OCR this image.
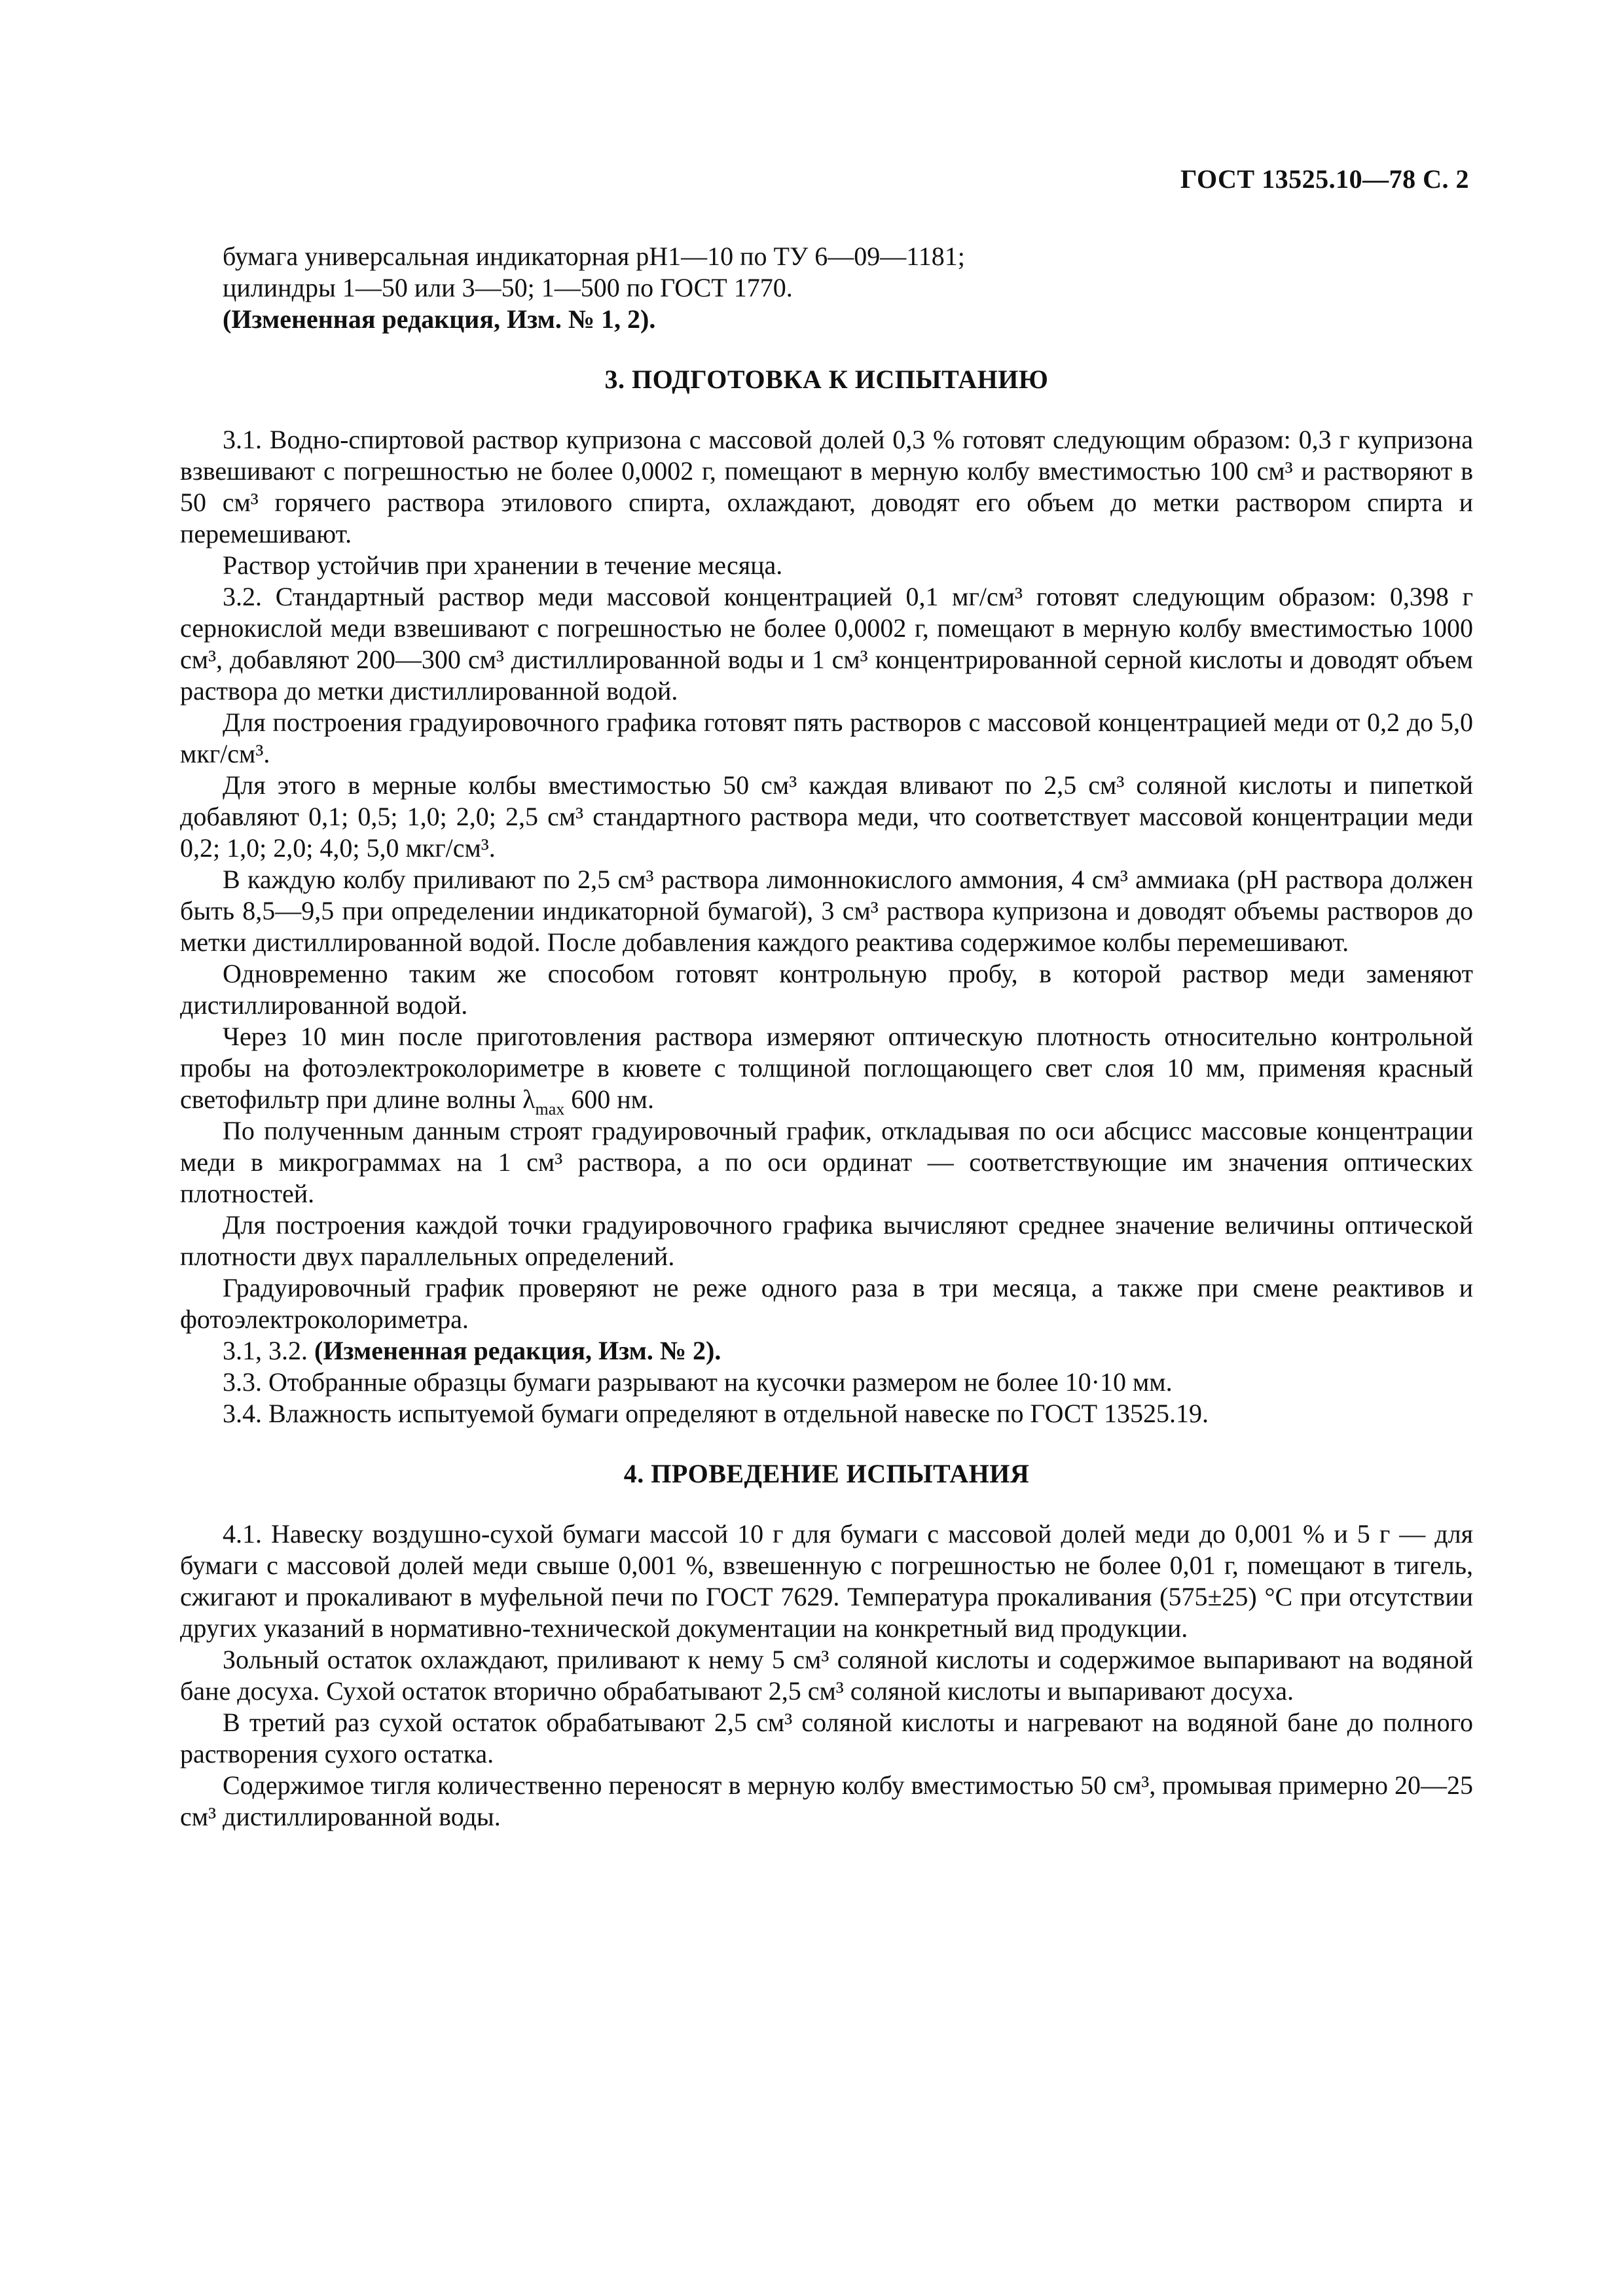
ГОСТ 13525.10—78 С. 2
бумага универсальная индикаторная рН1—10 по ТУ 6—09—1181;
цилиндры 1—50 или 3—50; 1—500 по ГОСТ 1770.
(Измененная редакция, Изм. № 1, 2).
3. ПОДГОТОВКА К ИСПЫТАНИЮ

3.1. Водно-спиртовой раствор купризона с массовой долей 0,3 % готовят следующим образом: 0,3 г купризона взвешивают с погрешностью не более 0,0002 г, помещают в мерную колбу вместимостью 100 см³ и растворяют в 50 см³ горячего раствора этилового спирта, охлаждают, доводят его объем до метки раствором спирта и перемешивают.

Раствор устойчив при хранении в течение месяца.

3.2. Стандартный раствор меди массовой концентрацией 0,1 мг/см³ готовят следующим образом: 0,398 г сернокислой меди взвешивают с погрешностью не более 0,0002 г, помещают в мерную колбу вместимостью 1000 см³, добавляют 200—300 см³ дистиллированной воды и 1 см³ концентрированной серной кислоты и доводят объем раствора до метки дистиллированной водой.

Для построения градуировочного графика готовят пять растворов с массовой концентрацией меди от 0,2 до 5,0 мкг/см³.

Для этого в мерные колбы вместимостью 50 см³ каждая вливают по 2,5 см³ соляной кислоты и пипеткой добавляют 0,1; 0,5; 1,0; 2,0; 2,5 см³ стандартного раствора меди, что соответствует массовой концентрации меди 0,2; 1,0; 2,0; 4,0; 5,0 мкг/см³.

В каждую колбу приливают по 2,5 см³ раствора лимоннокислого аммония, 4 см³ аммиака (рН раствора должен быть 8,5—9,5 при определении индикаторной бумагой), 3 см³ раствора купризона и доводят объемы растворов до метки дистиллированной водой. После добавления каждого реактива содержимое колбы перемешивают.

Одновременно таким же способом готовят контрольную пробу, в которой раствор меди заменяют дистиллированной водой.

Через 10 мин после приготовления раствора измеряют оптическую плотность относительно контрольной пробы на фотоэлектроколориметре в кювете с толщиной поглощающего свет слоя 10 мм, применяя красный светофильтр при длине волны $\lambda_{max}$ 600 нм.

По полученным данным строят градуировочный график, откладывая по оси абсцисс массовые концентрации меди в микрограммах на 1 см³ раствора, а по оси ординат — соответствующие им значения оптических плотностей.

Для построения каждой точки градуировочного графика вычисляют среднее значение величины оптической плотности двух параллельных определений.

Градуировочный график проверяют не реже одного раза в три месяца, а также при смене реактивов и фотоэлектроколориметра.

3.1, 3.2. (Измененная редакция, Изм. № 2).

3.3. Отобранные образцы бумаги разрывают на кусочки размером не более 10·10 мм.

3.4. Влажность испытуемой бумаги определяют в отдельной навеске по ГОСТ 13525.19.

4. ПРОВЕДЕНИЕ ИСПЫТАНИЯ

4.1. Навеску воздушно-сухой бумаги массой 10 г для бумаги с массовой долей меди до 0,001 % и 5 г — для бумаги с массовой долей меди свыше 0,001 %, взвешенную с погрешностью не более 0,01 г, помещают в тигель, сжигают и прокаливают в муфельной печи по ГОСТ 7629. Температура прокаливания (575±25) °С при отсутствии других указаний в нормативно-технической документации на конкретный вид продукции.

Зольный остаток охлаждают, приливают к нему 5 см³ соляной кислоты и содержимое выпаривают на водяной бане досуха. Сухой остаток вторично обрабатывают 2,5 см³ соляной кислоты и выпаривают досуха.

В третий раз сухой остаток обрабатывают 2,5 см³ соляной кислоты и нагревают на водяной бане до полного растворения сухого остатка.

Содержимое тигля количественно переносят в мерную колбу вместимостью 50 см³, промывая примерно 20—25 см³ дистиллированной воды.
